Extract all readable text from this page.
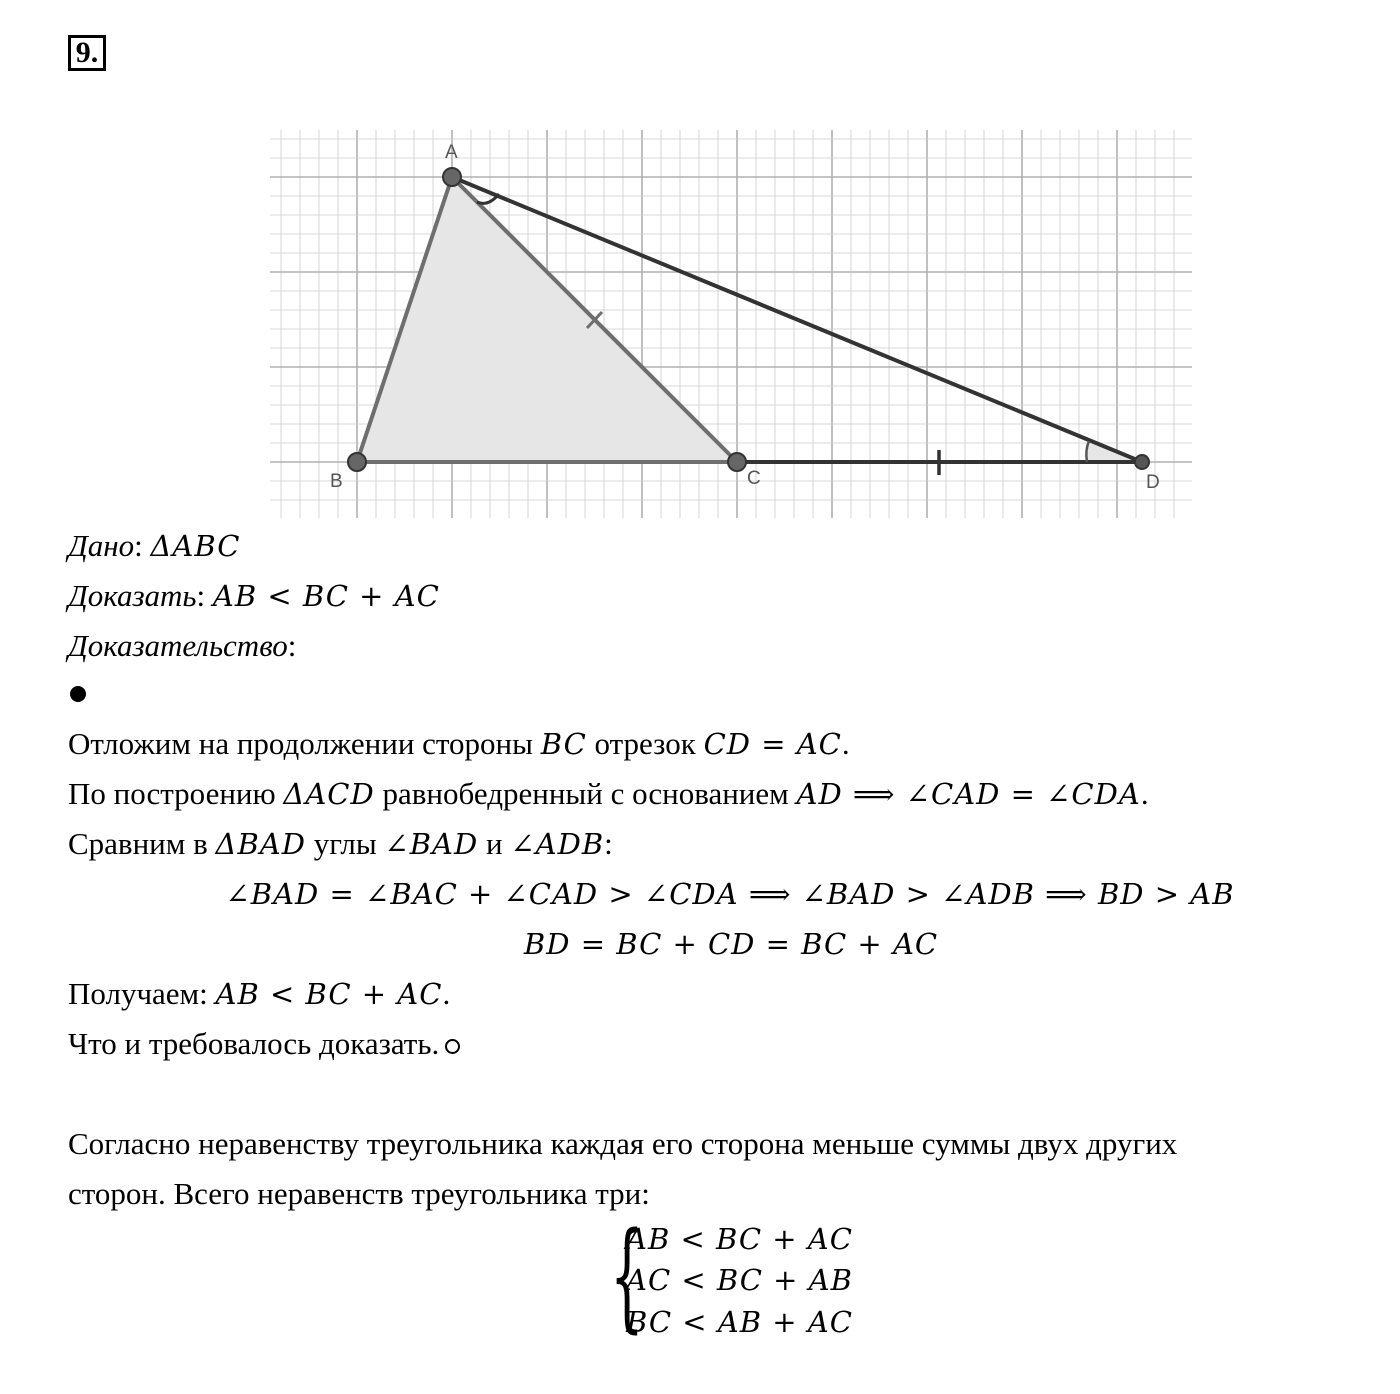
9.
A
B	C	D
Дано: ΔABC
Доказать: AB < BC + AC
Доказательство:
Отложим на продолжении стороны BC отрезок CD = AC.
По построению ΔACD равнобедренный с основанием AD ⟹ ∠CAD = ∠CDA.
Сравним в ΔBAD углы ∠BAD и ∠ADB:
∠BAD = ∠BAC + ∠CAD > ∠CDA ⟹ ∠BAD > ∠ADB ⟹ BD > AB
BD = BC + CD = BC + AC
Получаем: AB < BC + AC.
Что и требовалось доказать.
Согласно неравенству треугольника каждая его сторона меньше суммы двух других
сторон. Всего неравенств треугольника три:
{
AB < BC + AC
AC < BC + AB
BC < AB + AC
